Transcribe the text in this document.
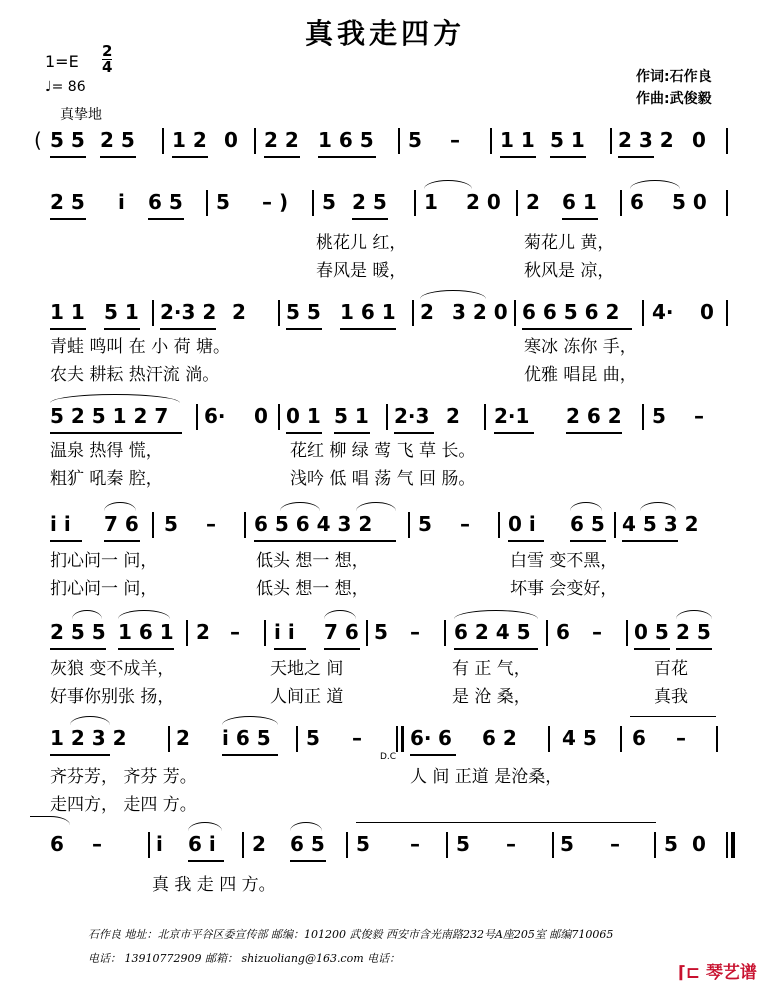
真我走四方
1=E
2
4
♩= 86
真挚地
作词:石作良
作曲:武俊毅
( 5 5 2 5 1 2 0 2 2 1 6 5 5 – 1 1 5 1 2 3 2 0
2 5 i 6 5 5 – ) 5 2 5 1 2 0 2 6 1 6 5 0
桃花儿 红，	菊花儿 黄，
春风是 暖，	秋风是 凉，
1 1 5 1 2·3 2 2 5 5 1 6 1 2 3 2 0 6 6 5 6 2 4· 0
青蛙 鸣叫 在 小 荷 塘。	寒冰 冻你 手，
农夫 耕耘 热汗流 淌。	优雅 唱昆 曲，
5 2 5 1 2 7 6· 0 0 1 5 1 2·3 2 2·1 2 6 2 5 –
温泉 热得 慌，	花红 柳 绿 莺 飞 草 长。
粗犷 吼秦 腔，	浅吟 低 唱 荡 气 回 肠。
i i 7 6 5 – 6 5 6 4 3 2 5 – 0 i 6 5 4 5 3 2
扪心问一 问，	低头 想一 想，	白雪 变不黑，
扪心问一 问，	低头 想一 想，	坏事 会变好，
2 5 5 1 6 1 2 – i i 7 6 5 – 6 2 4 5 6 – 0 5 2 5
灰狼 变不成羊，	天地之 间	有 正 气，	百花
好事你别张 扬，	人间正 道	是 沧 桑，	真我
1 2 3 2 2 i 6 5 5 – 6· 6 6 2 4 5 6 –
D.C
齐芬芳， 齐芬 芳。	人 间 正道 是沧桑，
走四方， 走四 方。
6 –	i 6 i 2 6 5 5 – 5 – 5 – 5 0
真 我 走 四 方。
石作良 地址：北京市平谷区委宣传部 邮编：101200 武俊毅 西安市含光南路232号A座205室 邮编710065
电话： 13910772909 邮箱： shizuoliang@163.com 电话：
⌈⊏ 琴艺谱
